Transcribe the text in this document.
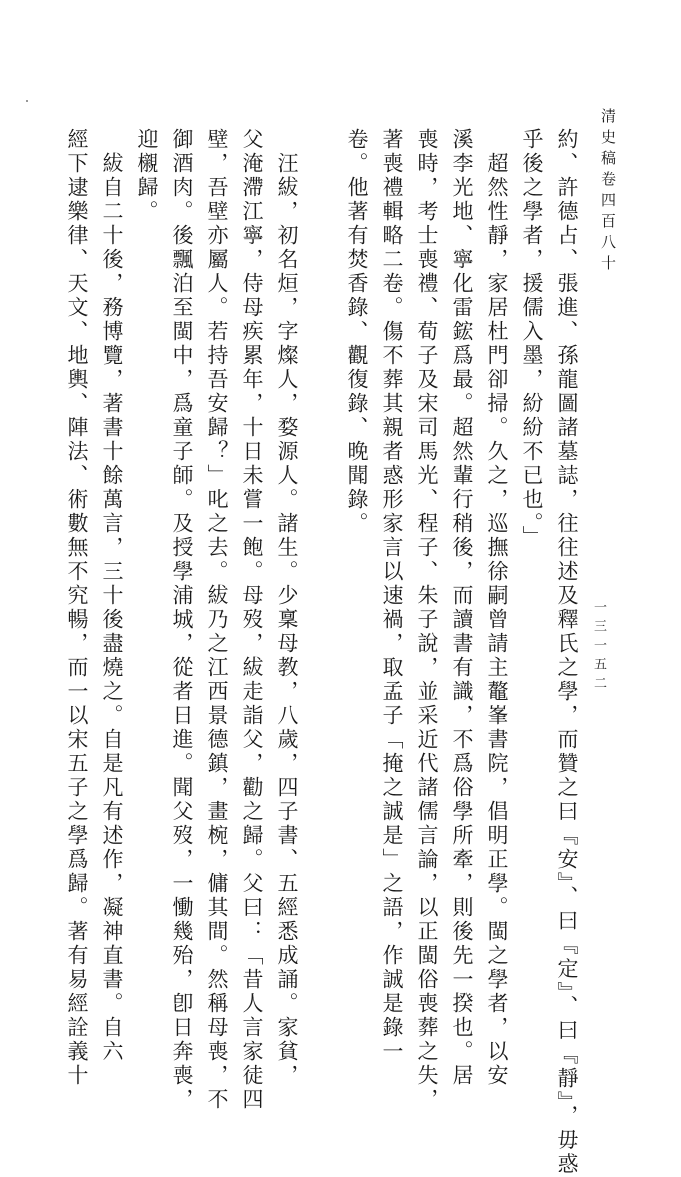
清史稿卷四百八十
一三一五二
約、許德占、張進、孫龍圖諸墓誌，往往述及釋氏之學，而贊之曰『安』、曰『定』、曰『靜』，毋惑
乎後之學者，援儒入墨，紛紛不已也。」
　超然性靜，家居杜門卻掃。久之，巡撫徐嗣曾請主鼇峯書院，倡明正學。閩之學者，以安
溪李光地、寧化雷鋐爲最。超然輩行稍後，而讀書有識，不爲俗學所牽，則後先一揆也。居
喪時，考士喪禮、荀子及宋司馬光、程子、朱子說，並采近代諸儒言論，以正閩俗喪葬之失，
著喪禮輯略二卷。傷不葬其親者惑形家言以速禍，取孟子「掩之誠是」之語，作誠是錄一
卷。他著有焚香錄、觀復錄、晚聞錄。
　汪紱，初名烜，字燦人，婺源人。諸生。少稟母教，八歲，四子書、五經悉成誦。家貧，
父淹滯江寧，侍母疾累年，十日未嘗一飽。母歿，紱走詣父，勸之歸。父曰：「昔人言家徒四
壁，吾壁亦屬人。若持吾安歸？」叱之去。紱乃之江西景德鎮，畫椀，傭其間。然稱母喪，不
御酒肉。後飄泊至閩中，爲童子師。及授學浦城，從者日進。聞父歿，一慟幾殆，卽日奔喪，
迎櫬歸。
　紱自二十後，務博覽，著書十餘萬言，三十後盡燒之。自是凡有述作，凝神直書。自六
經下逮樂律、天文、地輿、陣法、術數無不究暢，而一以宋五子之學爲歸。著有易經詮義十
